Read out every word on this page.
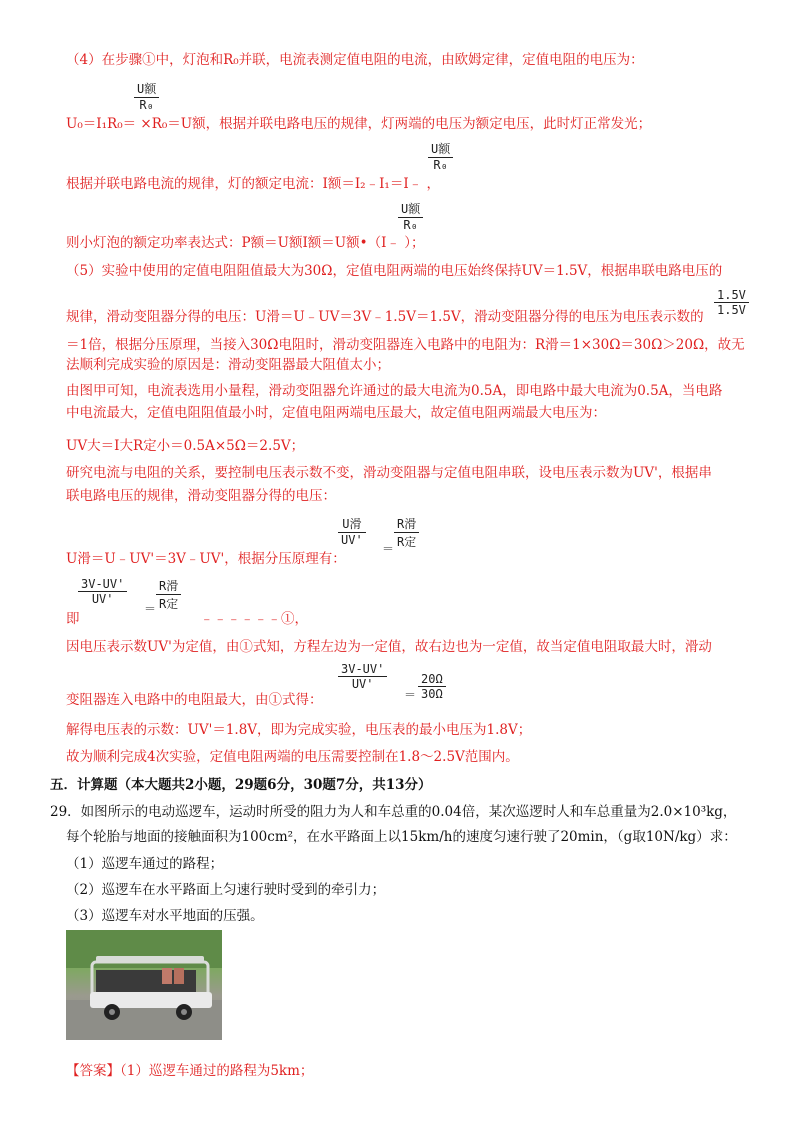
（4）在步骤①中，灯泡和R₀并联，电流表测定值电阻的电流，由欧姆定律，定值电阻的电压为：
U额
R₀
U₀＝I₁R₀＝ ×R₀＝U额，根据并联电路电压的规律，灯两端的电压为额定电压，此时灯正常发光；
U额
R₀
根据并联电路电流的规律，灯的额定电流：I额＝I₂﹣I₁＝I﹣ ，
U额
R₀
则小灯泡的额定功率表达式：P额＝U额I额＝U额•（I﹣ ）；
（5）实验中使用的定值电阻阻值最大为30Ω，定值电阻两端的电压始终保持UV＝1.5V，根据串联电路电压的
1.5V
1.5V
规律，滑动变阻器分得的电压：U滑＝U﹣UV＝3V﹣1.5V＝1.5V，滑动变阻器分得的电压为电压表示数的
＝1倍，根据分压原理，当接入30Ω电阻时，滑动变阻器连入电路中的电阻为：R滑＝1×30Ω＝30Ω＞20Ω，故无
法顺利完成实验的原因是：滑动变阻器最大阻值太小；
由图甲可知，电流表选用小量程，滑动变阻器允许通过的最大电流为0.5A，即电路中最大电流为0.5A，当电路
中电流最大，定值电阻阻值最小时，定值电阻两端电压最大，故定值电阻两端最大电压为：
UV大＝I大R定小＝0.5A×5Ω＝2.5V；
研究电流与电阻的关系，要控制电压表示数不变，滑动变阻器与定值电阻串联，设电压表示数为UV'，根据串
联电路电压的规律，滑动变阻器分得的电压：
U滑
UV'
＝
R滑
R定
U滑＝U﹣UV'＝3V﹣UV'，根据分压原理有：
3V-UV'
UV'
＝
R滑
R定
即	﹣﹣﹣﹣﹣﹣①，
因电压表示数UV'为定值，由①式知，方程左边为一定值，故右边也为一定值，故当定值电阻取最大时，滑动
3V-UV'
UV'
＝
20Ω
30Ω
变阻器连入电路中的电阻最大，由①式得：
解得电压表的示数：UV'＝1.8V，即为完成实验，电压表的最小电压为1.8V；
故为顺利完成4次实验，定值电阻两端的电压需要控制在1.8～2.5V范围内。
五．计算题（本大题共2小题，29题6分，30题7分，共13分）
29．如图所示的电动巡逻车，运动时所受的阻力为人和车总重的0.04倍，某次巡逻时人和车总重量为2.0×10³kg，
每个轮胎与地面的接触面积为100cm²，在水平路面上以15km/h的速度匀速行驶了20min，（g取10N/kg）求：
（1）巡逻车通过的路程；
（2）巡逻车在水平路面上匀速行驶时受到的牵引力；
（3）巡逻车对水平地面的压强。
【答案】（1）巡逻车通过的路程为5km；
